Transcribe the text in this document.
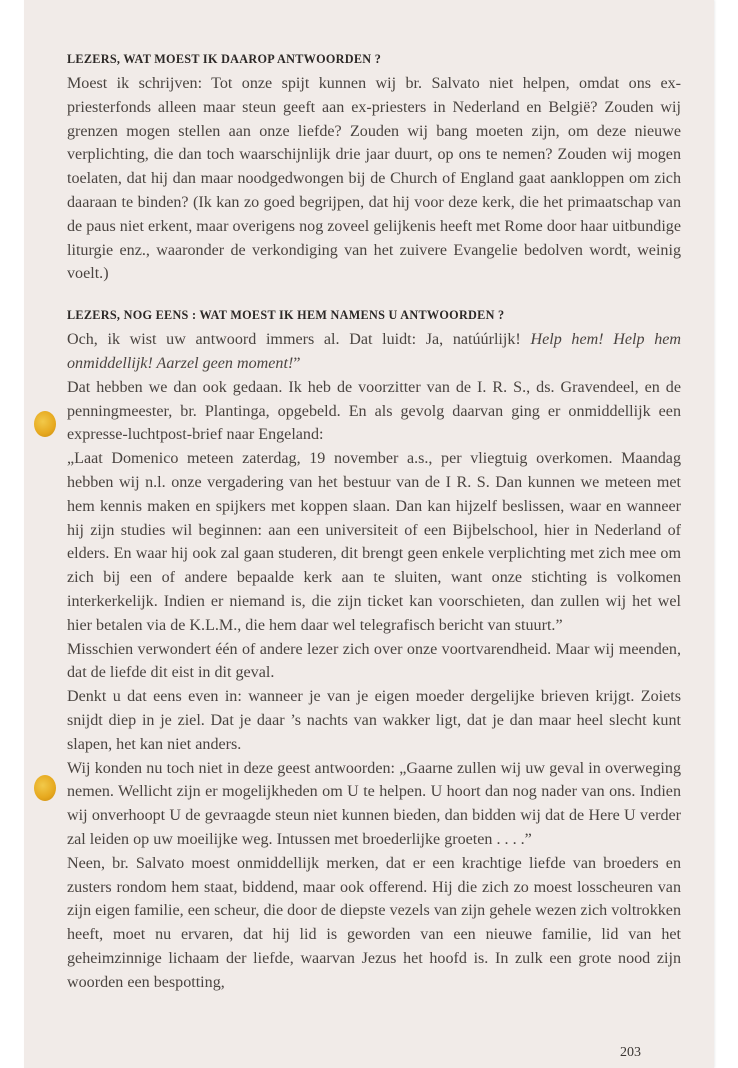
LEZERS, WAT MOEST IK DAAROP ANTWOORDEN ?

Moest ik schrijven: Tot onze spijt kunnen wij br. Salvato niet helpen, omdat ons ex-priesterfonds alleen maar steun geeft aan ex-priesters in Nederland en België? Zouden wij grenzen mogen stellen aan onze liefde? Zouden wij bang moeten zijn, om deze nieuwe verplichting, die dan toch waarschijnlijk drie jaar duurt, op ons te nemen? Zouden wij mogen toelaten, dat hij dan maar noodgedwongen bij de Church of England gaat aankloppen om zich daaraan te binden? (Ik kan zo goed begrijpen, dat hij voor deze kerk, die het primaatschap van de paus niet erkent, maar overigens nog zoveel gelijkenis heeft met Rome door haar uitbundige liturgie enz., waaronder de verkondiging van het zuivere Evangelie bedolven wordt, weinig voelt.)

LEZERS, NOG EENS : WAT MOEST IK HEM NAMENS U ANTWOORDEN ?

Och, ik wist uw antwoord immers al. Dat luidt: Ja, natúúrlijk! Help hem! Help hem onmiddellijk! Aarzel geen moment!”

Dat hebben we dan ook gedaan. Ik heb de voorzitter van de I. R. S., ds. Gravendeel, en de penningmeester, br. Plantinga, opgebeld. En als gevolg daarvan ging er onmiddellijk een expresse-luchtpost-brief naar Engeland:

„Laat Domenico meteen zaterdag, 19 november a.s., per vliegtuig overkomen. Maandag hebben wij n.l. onze vergadering van het bestuur van de I R. S. Dan kunnen we meteen met hem kennis maken en spijkers met koppen slaan. Dan kan hijzelf beslissen, waar en wanneer hij zijn studies wil beginnen: aan een universiteit of een Bijbelschool, hier in Nederland of elders. En waar hij ook zal gaan studeren, dit brengt geen enkele verplichting met zich mee om zich bij een of andere bepaalde kerk aan te sluiten, want onze stichting is volkomen interkerkelijk. Indien er niemand is, die zijn ticket kan voorschieten, dan zullen wij het wel hier betalen via de K.L.M., die hem daar wel telegrafisch bericht van stuurt.”

Misschien verwondert één of andere lezer zich over onze voortvarendheid. Maar wij meenden, dat de liefde dit eist in dit geval.

Denkt u dat eens even in: wanneer je van je eigen moeder dergelijke brieven krijgt. Zoiets snijdt diep in je ziel. Dat je daar ’s nachts van wakker ligt, dat je dan maar heel slecht kunt slapen, het kan niet anders.

Wij konden nu toch niet in deze geest antwoorden: „Gaarne zullen wij uw geval in overweging nemen. Wellicht zijn er mogelijkheden om U te helpen. U hoort dan nog nader van ons. Indien wij onverhoopt U de gevraagde steun niet kunnen bieden, dan bidden wij dat de Here U verder zal leiden op uw moeilijke weg. Intussen met broederlijke groeten . . . .”

Neen, br. Salvato moest onmiddellijk merken, dat er een krachtige liefde van broeders en zusters rondom hem staat, biddend, maar ook offerend. Hij die zich zo moest losscheuren van zijn eigen familie, een scheur, die door de diepste vezels van zijn gehele wezen zich voltrokken heeft, moet nu ervaren, dat hij lid is geworden van een nieuwe familie, lid van het geheimzinnige lichaam der liefde, waarvan Jezus het hoofd is. In zulk een grote nood zijn woorden een bespotting,

203
